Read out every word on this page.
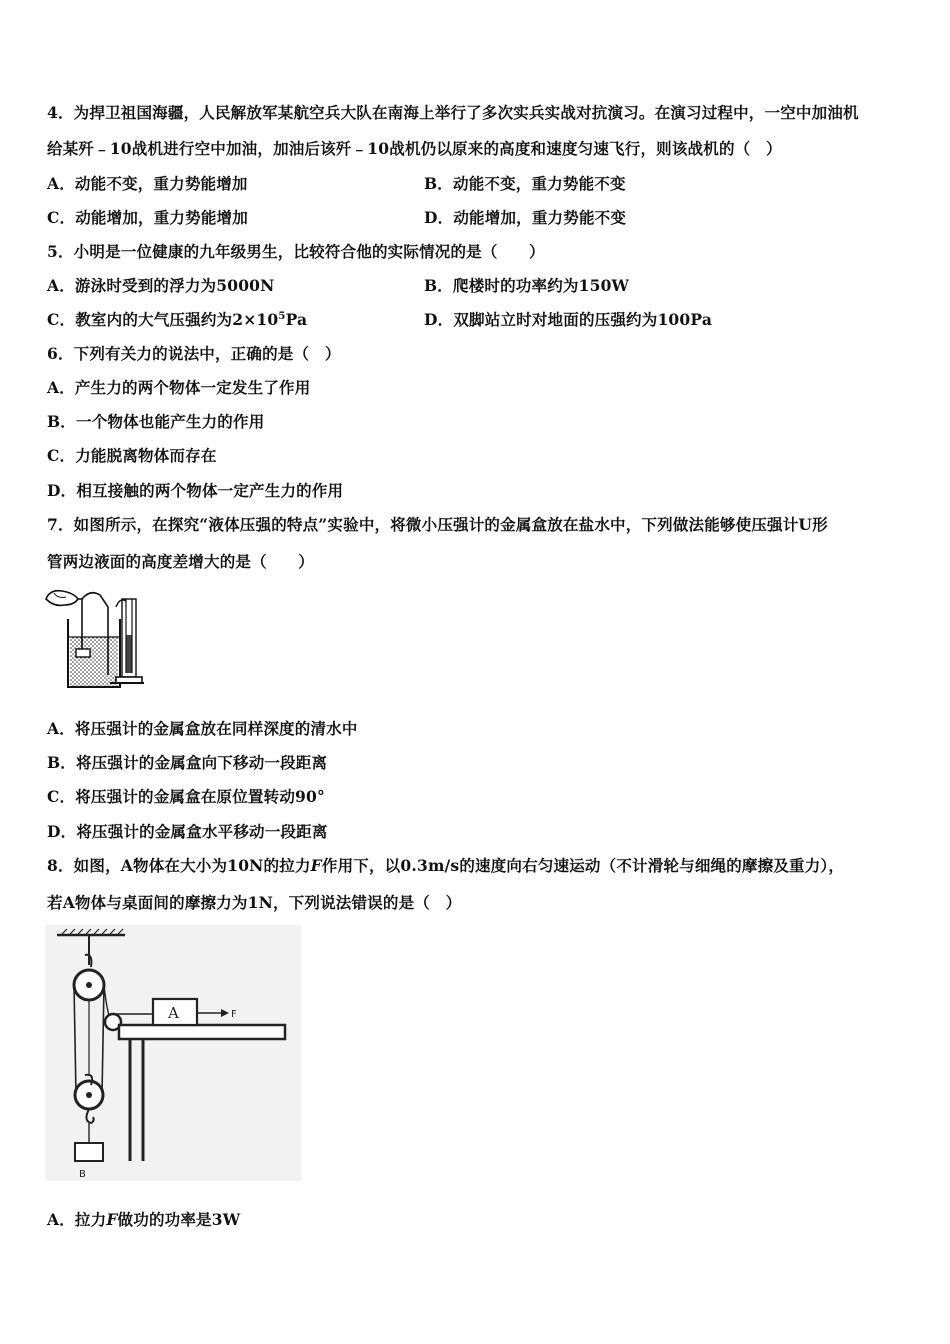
4．为捍卫祖国海疆，人民解放军某航空兵大队在南海上举行了多次实兵实战对抗演习。在演习过程中，一空中加油机
给某歼﹣10战机进行空中加油，加油后该歼﹣10战机仍以原来的高度和速度匀速飞行，则该战机的（　）
A．动能不变，重力势能增加	B．动能不变，重力势能不变
C．动能增加，重力势能增加	D．动能增加，重力势能不变
5．小明是一位健康的九年级男生，比较符合他的实际情况的是（　　）
A．游泳时受到的浮力为5000N	B．爬楼时的功率约为150W
C．教室内的大气压强约为$2\times 10^5Pa$	D．双脚站立时对地面的压强约为100Pa
6．下列有关力的说法中，正确的是（　）
A．产生力的两个物体一定发生了作用
B．一个物体也能产生力的作用
C．力能脱离物体而存在
D．相互接触的两个物体一定产生力的作用
7．如图所示，在探究“液体压强的特点”实验中，将微小压强计的金属盒放在盐水中，下列做法能够使压强计U形
管两边液面的高度差增大的是（　　）
A．将压强计的金属盒放在同样深度的清水中
B．将压强计的金属盒向下移动一段距离
C．将压强计的金属盒在原位置转动90°
D．将压强计的金属盒水平移动一段距离
8．如图，A物体在大小为10N的拉力F作用下，以0.3m/s的速度向右匀速运动（不计滑轮与细绳的摩擦及重力），
若A物体与桌面间的摩擦力为1N，下列说法错误的是（　）
B
A	F
A．拉力F做功的功率是3W
